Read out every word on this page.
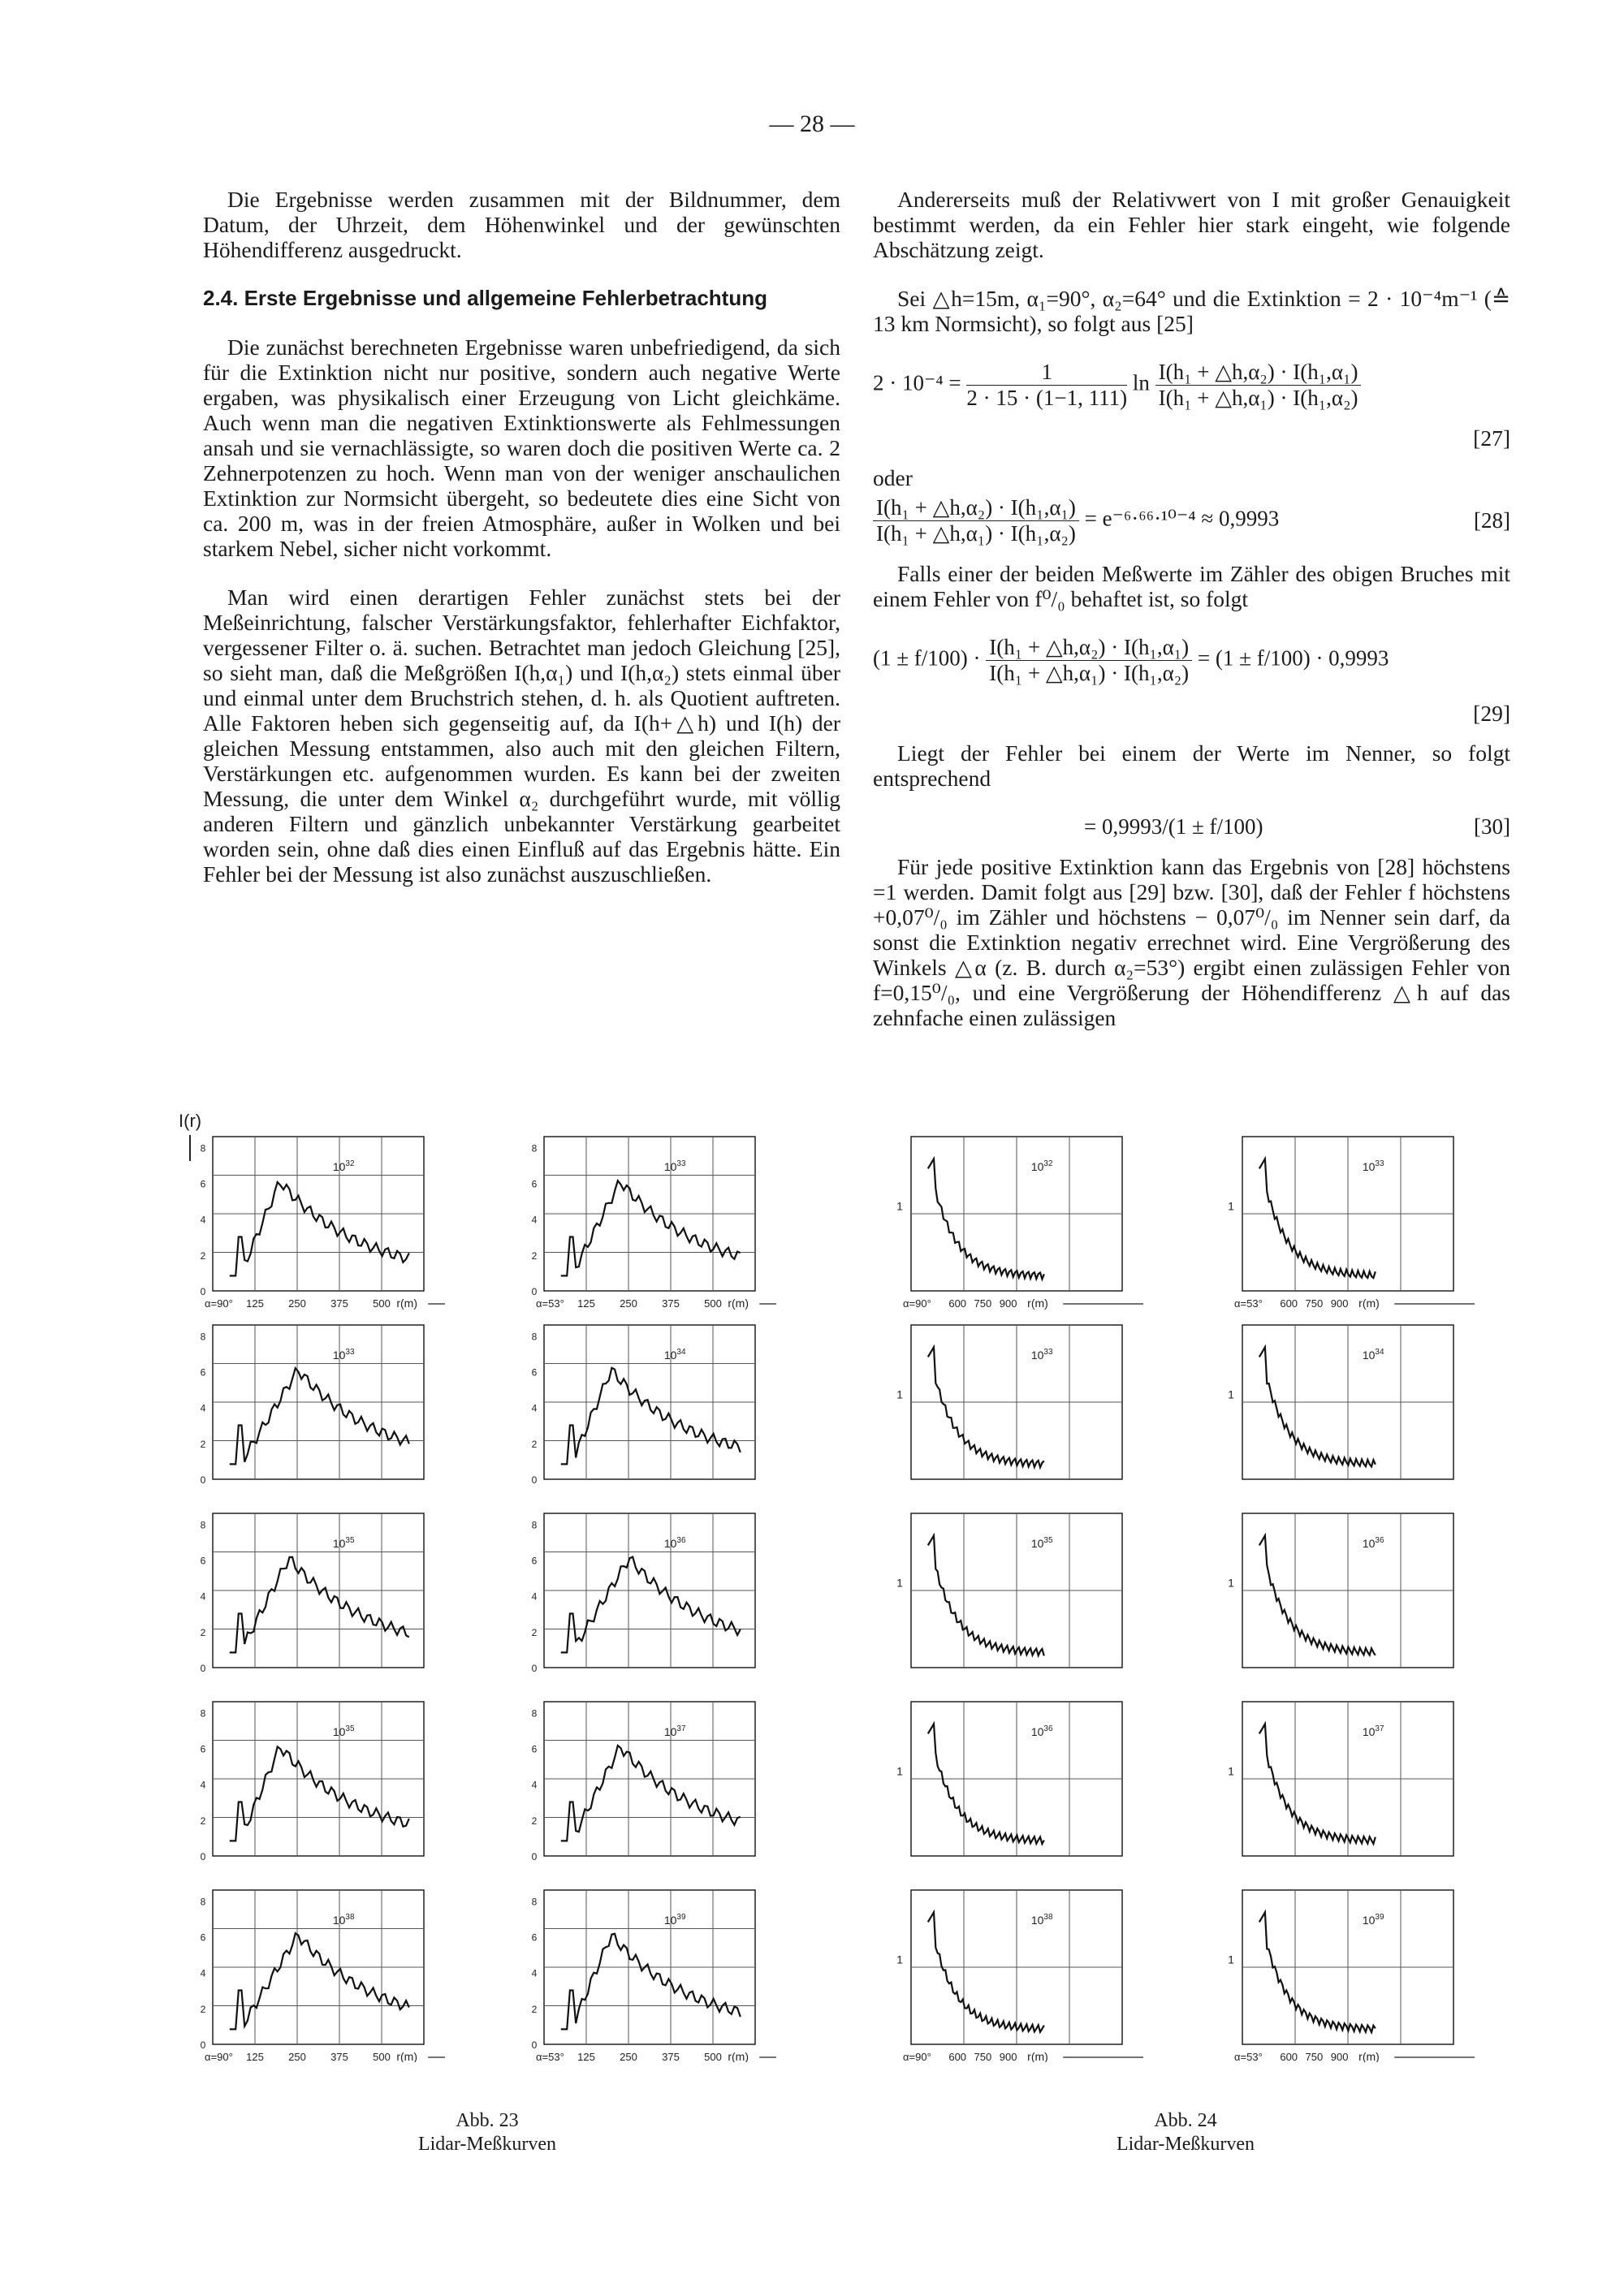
— 28 —

Die Ergebnisse werden zusammen mit der Bildnummer, dem Datum, der Uhrzeit, dem Höhenwinkel und der gewünschten Höhendifferenz ausgedruckt.

2.4. Erste Ergebnisse und allgemeine Fehlerbetrachtung

Die zunächst berechneten Ergebnisse waren unbefriedigend, da sich für die Extinktion nicht nur positive, sondern auch negative Werte ergaben, was physikalisch einer Erzeugung von Licht gleichkäme. Auch wenn man die negativen Extinktionswerte als Fehlmessungen ansah und sie vernachlässigte, so waren doch die positiven Werte ca. 2 Zehnerpotenzen zu hoch. Wenn man von der weniger anschaulichen Extinktion zur Normsicht übergeht, so bedeutete dies eine Sicht von ca. 200 m, was in der freien Atmosphäre, außer in Wolken und bei starkem Nebel, sicher nicht vorkommt.

Man wird einen derartigen Fehler zunächst stets bei der Meßeinrichtung, falscher Verstärkungsfaktor, fehlerhafter Eichfaktor, vergessener Filter o. ä. suchen. Betrachtet man jedoch Gleichung [25], so sieht man, daß die Meßgrößen I(h,α₁) und I(h,α₂) stets einmal über und einmal unter dem Bruchstrich stehen, d. h. als Quotient auftreten. Alle Faktoren heben sich gegenseitig auf, da I(h+△h) und I(h) der gleichen Messung entstammen, also auch mit den gleichen Filtern, Verstärkungen etc. aufgenommen wurden. Es kann bei der zweiten Messung, die unter dem Winkel α₂ durchgeführt wurde, mit völlig anderen Filtern und gänzlich unbekannter Verstärkung gearbeitet worden sein, ohne daß dies einen Einfluß auf das Ergebnis hätte. Ein Fehler bei der Messung ist also zunächst auszuschließen.

Andererseits muß der Relativwert von I mit großer Genauigkeit bestimmt werden, da ein Fehler hier stark eingeht, wie folgende Abschätzung zeigt.

Sei △h=15m, α₁=90°, α₂=64° und die Extinktion = 2 · 10⁻⁴m⁻¹ (≙ 13 km Normsicht), so folgt aus [25]

$2 \cdot 10^{-4} = \frac{1}{2 \cdot 15 \cdot (1-1, 111)}$ $\ln \frac{\text{I(h₁ + △h,α₂) · I(h₁,α₁)}}{\text{I(h₁ + △h,α₁) · I(h₁,α₂)}}$
[27]
oder
$\frac{\text{I(h₁ + △h,α₂) · I(h₁,α₁)}}{\text{I(h₁ + △h,α₁) · I(h₁,α₂)}} = e^{-6}\cdot^{66}\cdot^{10-4} \approx 0,9993$	[28]

Falls einer der beiden Meßwerte im Zähler des obigen Bruches mit einem Fehler von f⁰/₀ behaftet ist, so folgt

$(1 \pm f/100) \cdot \frac{\text{I(h₁ + △h,α₂) · I(h₁,α₁)}}{\text{I(h₁ + △h,α₁) · I(h₁,α₂)}} = (1 \pm f/100) \cdot 0,9993$
[29]

Liegt der Fehler bei einem der Werte im Nenner, so folgt entsprechend

= 0,9993/(1 ± f/100)	[30]

Für jede positive Extinktion kann das Ergebnis von [28] höchstens =1 werden. Damit folgt aus [29] bzw. [30], daß der Fehler f höchstens +0,07⁰/₀ im Zähler und höchstens − 0,07⁰/₀ im Nenner sein darf, da sonst die Extinktion negativ errechnet wird. Eine Vergrößerung des Winkels △α (z. B. durch α₂=53°) ergibt einen zulässigen Fehler von f=0,15⁰/₀, und eine Vergrößerung der Höhendifferenz △h auf das zehnfache einen zulässigen

I(r)
0
2
4
6
8
$10^{32}$
α=90° 125 250 375 500 r(m)
0
2
4
6
8
$10^{33}$
α=53° 125 250 375 500 r(m)
0
2
4
6
8
$10^{33}$
0
2
4
6
8
$10^{34}$
0
2
4
6
8
$10^{35}$
0
2
4
6
8
$10^{36}$
0
2
4
6
8
$10^{35}$
0
2
4
6
8
$10^{37}$
0
2
4
6
8
$10^{38}$
α=90° 125 250 375 500 r(m)
0
2
4
6
8
$10^{39}$
α=53° 125 250 375 500 r(m)
Abb. 23
Lidar-Meßkurven
1
$10^{32}$
α=90° 600 750 900 r(m)
1
$10^{33}$
α=53° 600 750 900 r(m)
1
$10^{33}$
1
$10^{34}$
1
$10^{35}$
1
$10^{36}$
1
$10^{36}$
1
$10^{37}$
1
$10^{38}$
α=90° 600 750 900 r(m)
1
$10^{39}$
α=53° 600 750 900 r(m)
Abb. 24
Lidar-Meßkurven
